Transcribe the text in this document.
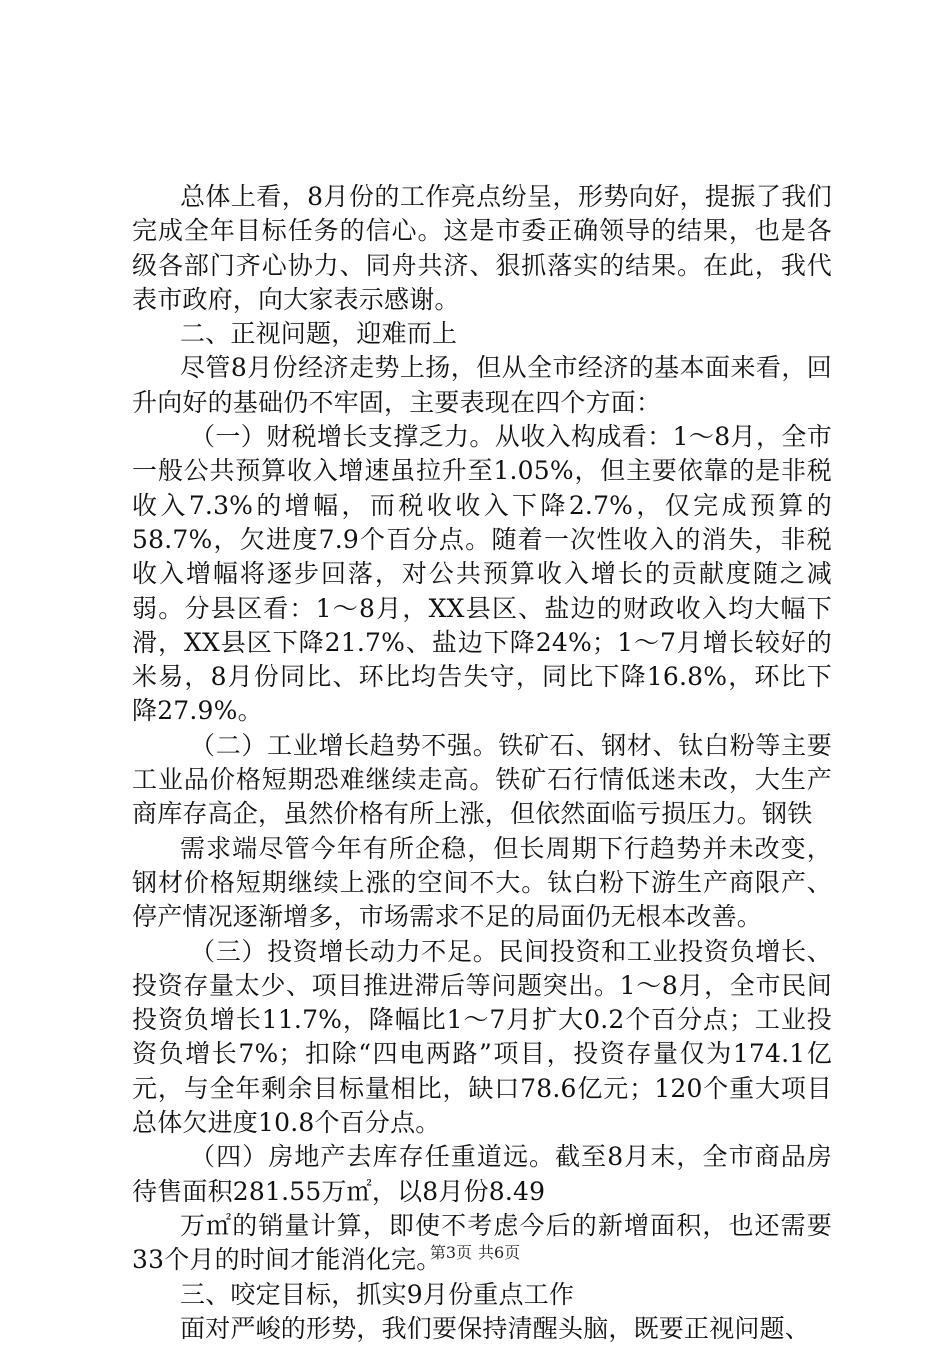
总体上看，8月份的工作亮点纷呈，形势向好，提振了我们完成全年目标任务的信心。这是市委正确领导的结果，也是各级各部门齐心协力、同舟共济、狠抓落实的结果。在此，我代表市政府，向大家表示感谢。

二、正视问题，迎难而上

尽管8月份经济走势上扬，但从全市经济的基本面来看，回升向好的基础仍不牢固，主要表现在四个方面：

（一）财税增长支撑乏力。从收入构成看：1～8月，全市一般公共预算收入增速虽拉升至1.05%，但主要依靠的是非税收入7.3%的增幅，而税收收入下降2.7%，仅完成预算的58.7%，欠进度7.9个百分点。随着一次性收入的消失，非税收入增幅将逐步回落，对公共预算收入增长的贡献度随之减弱。分县区看：1～8月，XX县区、盐边的财政收入均大幅下滑，XX县区下降21.7%、盐边下降24%；1～7月增长较好的米易，8月份同比、环比均告失守，同比下降16.8%，环比下降27.9%。

（二）工业增长趋势不强。铁矿石、钢材、钛白粉等主要工业品价格短期恐难继续走高。铁矿石行情低迷未改，大生产商库存高企，虽然价格有所上涨，但依然面临亏损压力。钢铁

需求端尽管今年有所企稳，但长周期下行趋势并未改变，钢材价格短期继续上涨的空间不大。钛白粉下游生产商限产、停产情况逐渐增多，市场需求不足的局面仍无根本改善。

（三）投资增长动力不足。民间投资和工业投资负增长、投资存量太少、项目推进滞后等问题突出。1～8月，全市民间投资负增长11.7%，降幅比1～7月扩大0.2个百分点；工业投资负增长7%；扣除“四电两路”项目，投资存量仅为174.1亿元，与全年剩余目标量相比，缺口78.6亿元；120个重大项目总体欠进度10.8个百分点。

（四）房地产去库存任重道远。截至8月末，全市商品房待售面积281.55万㎡，以8月份8.49

万㎡的销量计算，即使不考虑今后的新增面积，也还需要33个月的时间才能消化完。

三、咬定目标，抓实9月份重点工作

面对严峻的形势，我们要保持清醒头脑，既要正视问题、

第3页 共6页
